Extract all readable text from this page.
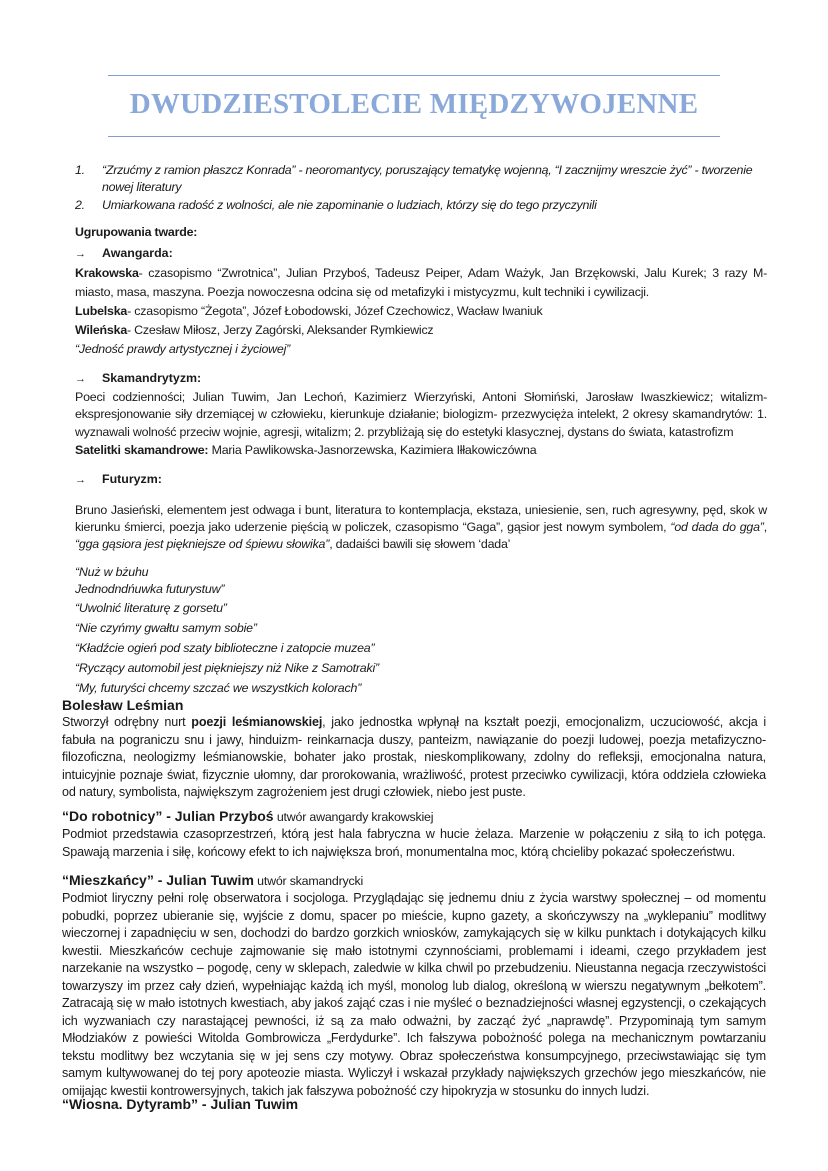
DWUDZIESTOLECIE MIĘDZYWOJENNE
1. “Zrzućmy z ramion płaszcz Konrada” - neoromantycy, poruszający tematykę wojenną, “I zacznijmy wreszcie żyć” - tworzenie nowej literatury
2. Umiarkowana radość z wolności, ale nie zapominanie o ludziach, którzy się do tego przyczynili

Ugrupowania twarde:

→ Awangarda:

Krakowska- czasopismo “Zwrotnica”, Julian Przyboś, Tadeusz Peiper, Adam Ważyk, Jan Brzękowski, Jalu Kurek; 3 razy M- miasto, masa, maszyna. Poezja nowoczesna odcina się od metafizyki i mistycyzmu, kult techniki i cywilizacji.

Lubelska- czasopismo “Żegota”, Józef Łobodowski, Józef Czechowicz, Wacław Iwaniuk

Wileńska- Czesław Miłosz, Jerzy Zagórski, Aleksander Rymkiewicz

“Jedność prawdy artystycznej i życiowej”

→ Skamandrytyzm:

Poeci codzienności; Julian Tuwim, Jan Lechoń, Kazimierz Wierzyński, Antoni Słomiński, Jarosław Iwaszkiewicz; witalizm- ekspresjonowanie siły drzemiącej w człowieku, kierunkuje działanie; biologizm- przezwycięża intelekt, 2 okresy skamandrytów: 1. wyznawali wolność przeciw wojnie, agresji, witalizm; 2. przybliżają się do estetyki klasycznej, dystans do świata, katastrofizm

Satelitki skamandrowe: Maria Pawlikowska-Jasnorzewska, Kazimiera Iłłakowiczówna

→ Futuryzm:

Bruno Jasieński, elementem jest odwaga i bunt, literatura to kontemplacja, ekstaza, uniesienie, sen, ruch agresywny, pęd, skok w kierunku śmierci, poezja jako uderzenie pięścią w policzek, czasopismo “Gaga”, gąsior jest nowym symbolem, “od dada do gga”, “gga gąsiora jest piękniejsze od śpiewu słowika”, dadaiści bawili się słowem ‘dada’

“Nuż w bżuhu

Jednodndńuwka futurystuw”

“Uwolnić literaturę z gorsetu”

“Nie czyńmy gwałtu samym sobie”

“Kładźcie ogień pod szaty biblioteczne i zatopcie muzea”

“Ryczący automobil jest piękniejszy niż Nike z Samotraki”

“My, futuryści chcemy szczać we wszystkich kolorach”

Bolesław Leśmian

Stworzył odrębny nurt poezji leśmianowskiej, jako jednostka wpłynął na kształt poezji, emocjonalizm, uczuciowość, akcja i fabuła na pograniczu snu i jawy, hinduizm- reinkarnacja duszy, panteizm, nawiązanie do poezji ludowej, poezja metafizyczno-filozoficzna, neologizmy leśmianowskie, bohater jako prostak, nieskomplikowany, zdolny do refleksji, emocjonalna natura, intuicyjnie poznaje świat, fizycznie ułomny, dar prorokowania, wrażliwość, protest przeciwko cywilizacji, która oddziela człowieka od natury, symbolista, największym zagrożeniem jest drugi człowiek, niebo jest puste.

“Do robotnicy” - Julian Przyboś utwór awangardy krakowskiej

Podmiot przedstawia czasoprzestrzeń, którą jest hala fabryczna w hucie żelaza. Marzenie w połączeniu z siłą to ich potęga. Spawają marzenia i siłę, końcowy efekt to ich największa broń, monumentalna moc, którą chcieliby pokazać społeczeństwu.

“Mieszkańcy” - Julian Tuwim utwór skamandrycki

Podmiot liryczny pełni rolę obserwatora i socjologa. Przyglądając się jednemu dniu z życia warstwy społecznej – od momentu pobudki, poprzez ubieranie się, wyjście z domu, spacer po mieście, kupno gazety, a skończywszy na „wyklepaniu” modlitwy wieczornej i zapadnięciu w sen, dochodzi do bardzo gorzkich wniosków, zamykających się w kilku punktach i dotykających kilku kwestii. Mieszkańców cechuje zajmowanie się mało istotnymi czynnościami, problemami i ideami, czego przykładem jest narzekanie na wszystko – pogodę, ceny w sklepach, zaledwie w kilka chwil po przebudzeniu. Nieustanna negacja rzeczywistości towarzyszy im przez cały dzień, wypełniając każdą ich myśl, monolog lub dialog, określoną w wierszu negatywnym „bełkotem”. Zatracają się w mało istotnych kwestiach, aby jakoś zająć czas i nie myśleć o beznadziejności własnej egzystencji, o czekających ich wyzwaniach czy narastającej pewności, iż są za mało odważni, by zacząć żyć „naprawdę”. Przypominają tym samym Młodziaków z powieści Witolda Gombrowicza „Ferdydurke”. Ich fałszywa pobożność polega na mechanicznym powtarzaniu tekstu modlitwy bez wczytania się w jej sens czy motywy. Obraz społeczeństwa konsumpcyjnego, przeciwstawiając się tym samym kultywowanej do tej pory apoteozie miasta. Wyliczył i wskazał przykłady największych grzechów jego mieszkańców, nie omijając kwestii kontrowersyjnych, takich jak fałszywa pobożność czy hipokryzja w stosunku do innych ludzi.

“Wiosna. Dytyramb” - Julian Tuwim
